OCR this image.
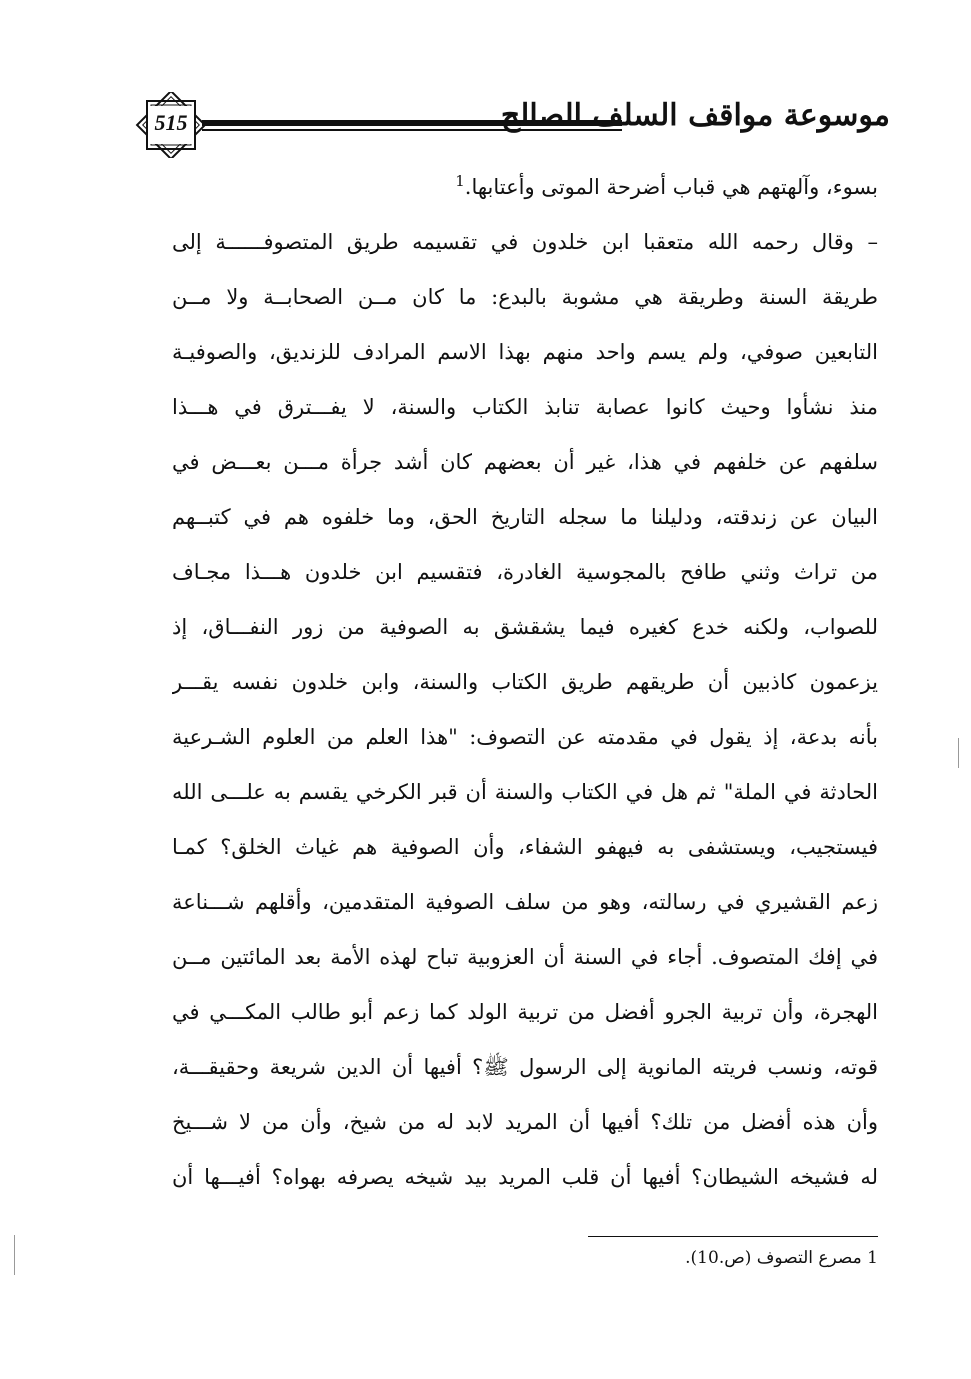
515	موسوعة مواقف السلف الصالح
بسوء، وآلهتهم هي قباب أضرحة الموتى وأعتابها.$^1$
– وقال رحمه الله متعقبا ابن خلدون في تقسيمه طريق المتصوفــــــة إلى
طريقة السنة وطريقة هي مشوبة بالبدع: ما كان مــن الصحابــة ولا مــن
التابعين صوفي، ولم يسم واحد منهم بهذا الاسم المرادف للزنديق، والصوفيـة
منذ نشأوا وحيث كانوا عصابة تنابذ الكتاب والسنة، لا يفـــترق في هـــذا
سلفهم عن خلفهم في هذا، غير أن بعضهم كان أشد جرأة مـــن بعـــض في
البيان عن زندقته، ودليلنا ما سجله التاريخ الحق، وما خلفوه هم في كتبــهم
من تراث وثني طافح بالمجوسية الغادرة، فتقسيم ابن خلدون هـــذا مجـاف
للصواب، ولكنه خدع كغيره فيما يشقشق به الصوفية من زور النفـــاق، إذ
يزعمون كاذبين أن طريقهم طريق الكتاب والسنة، وابن خلدون نفسه يقـــر
بأنه بدعة، إذ يقول في مقدمته عن التصوف: "هذا العلم من العلوم الشـرعية
الحادثة في الملة" ثم هل في الكتاب والسنة أن قبر الكرخي يقسم به علـــى الله
فيستجيب، ويستشفى به فيهفو الشفاء، وأن الصوفية هم غياث الخلق؟ كمـا
زعم القشيري في رسالته، وهو من سلف الصوفية المتقدمين، وأقلهم شـــناعة
في إفك المتصوف. أجاء في السنة أن العزوبية تباح لهذه الأمة بعد المائتين مــن
الهجرة، وأن تربية الجرو أفضل من تربية الولد كما زعم أبو طالب المكـــي في
قوته، ونسب فريته المانوية إلى الرسول ﷺ؟ أفيها أن الدين شريعة وحقيقـــة،
وأن هذه أفضل من تلك؟ أفيها أن المريد لابد له من شيخ، وأن من لا شـــيخ
له فشيخه الشيطان؟ أفيها أن قلب المريد بيد شيخه يصرفه بهواه؟ أفيـــها أن
1 مصرع التصوف (ص.10).
